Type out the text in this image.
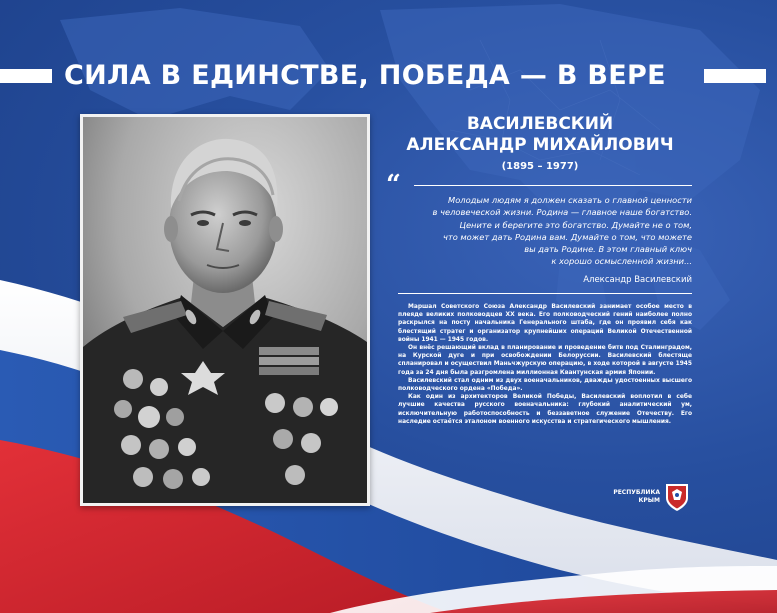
СИЛА В ЕДИНСТВЕ, ПОБЕДА — В ВЕРЕ
ВАСИЛЕВСКИЙ
АЛЕКСАНДР МИХАЙЛОВИЧ
(1895 – 1977)
“	Молодым людям я должен сказать о главной ценности
в человеческой жизни. Родина — главное наше богатство.
Цените и берегите это богатство. Думайте не о том,
что может дать Родина вам. Думайте о том, что можете
вы дать Родине. В этом главный ключ
к хорошо осмысленной жизни...
Александр Василевский

Маршал Советского Союза Александр Василевский занимает особое место в плеяде великих полководцев XX века. Его полководческий гений наиболее полно раскрылся на посту начальника Генерального штаба, где он проявил себя как блестящий стратег и организатор крупнейших операций Великой Отечественной войны 1941 — 1945 годов.

Он внёс решающий вклад в планирование и проведение битв под Сталинградом, на Курской дуге и при освобождении Белоруссии. Василевский блестяще спланировал и осуществил Маньчжурскую операцию, в ходе которой в августе 1945 года за 24 дня была разгромлена миллионная Квантунская армия Японии.

Василевский стал одним из двух военачальников, дважды удостоенных высшего полководческого ордена «Победа».

Как один из архитекторов Великой Победы, Василевский воплотил в себе лучшие качества русского военачальника: глубокий аналитический ум, исключительную работоспособность и беззаветное служение Отечеству. Его наследие остаётся эталоном военного искусства и стратегического мышления.

РЕСПУБЛИКА
КРЫМ
